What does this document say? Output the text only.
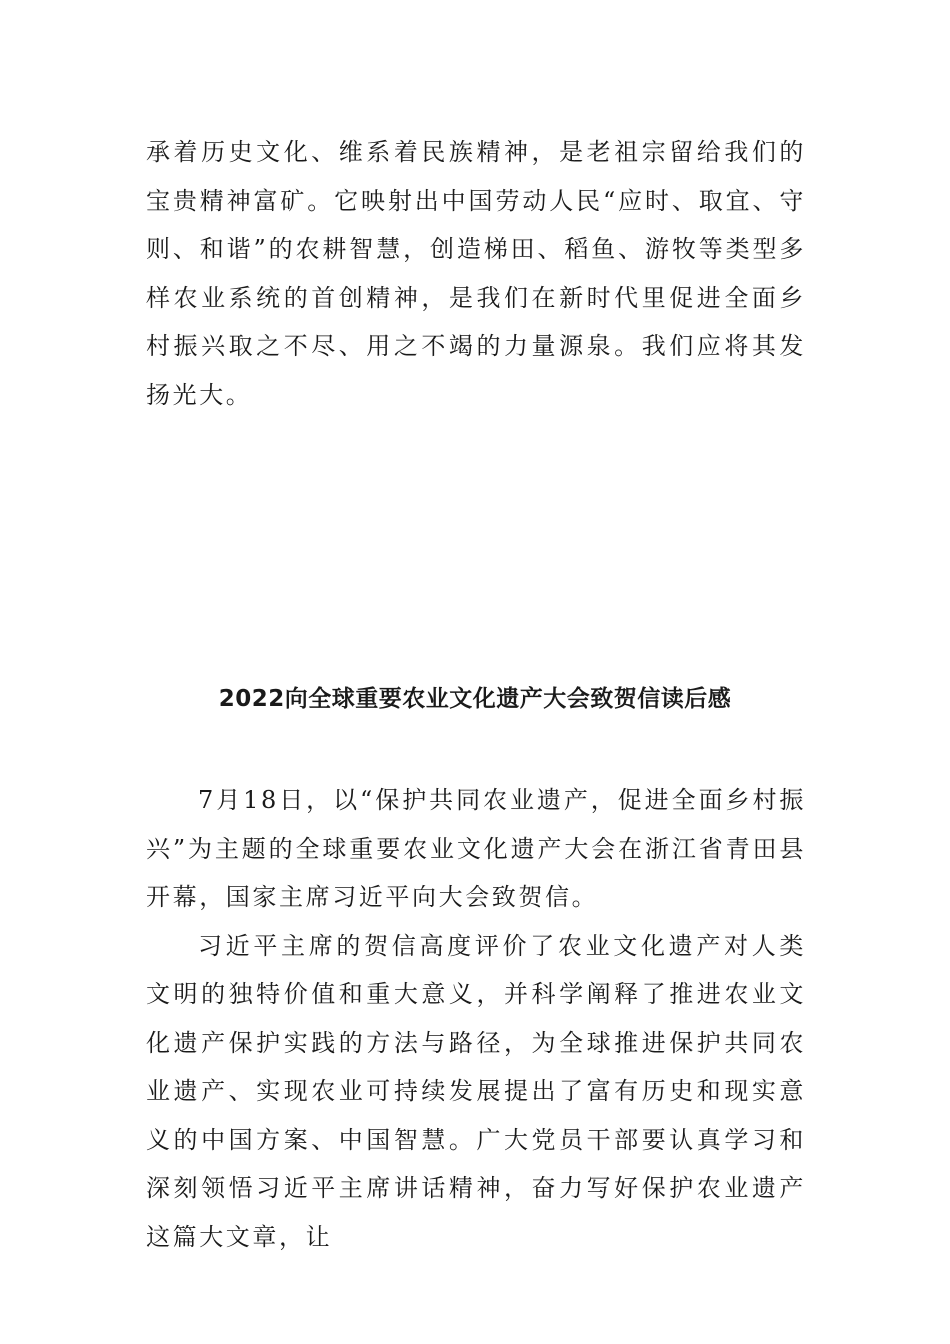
承着历史文化、维系着民族精神，是老祖宗留给我们的宝贵精神富矿。它映射出中国劳动人民“应时、取宜、守则、和谐”的农耕智慧，创造梯田、稻鱼、游牧等类型多样农业系统的首创精神，是我们在新时代里促进全面乡村振兴取之不尽、用之不竭的力量源泉。我们应将其发扬光大。

2022向全球重要农业文化遗产大会致贺信读后感

7月18日，以“保护共同农业遗产，促进全面乡村振兴”为主题的全球重要农业文化遗产大会在浙江省青田县开幕，国家主席习近平向大会致贺信。

习近平主席的贺信高度评价了农业文化遗产对人类文明的独特价值和重大意义，并科学阐释了推进农业文化遗产保护实践的方法与路径，为全球推进保护共同农业遗产、实现农业可持续发展提出了富有历史和现实意义的中国方案、中国智慧。广大党员干部要认真学习和深刻领悟习近平主席讲话精神，奋力写好保护农业遗产这篇大文章，让
